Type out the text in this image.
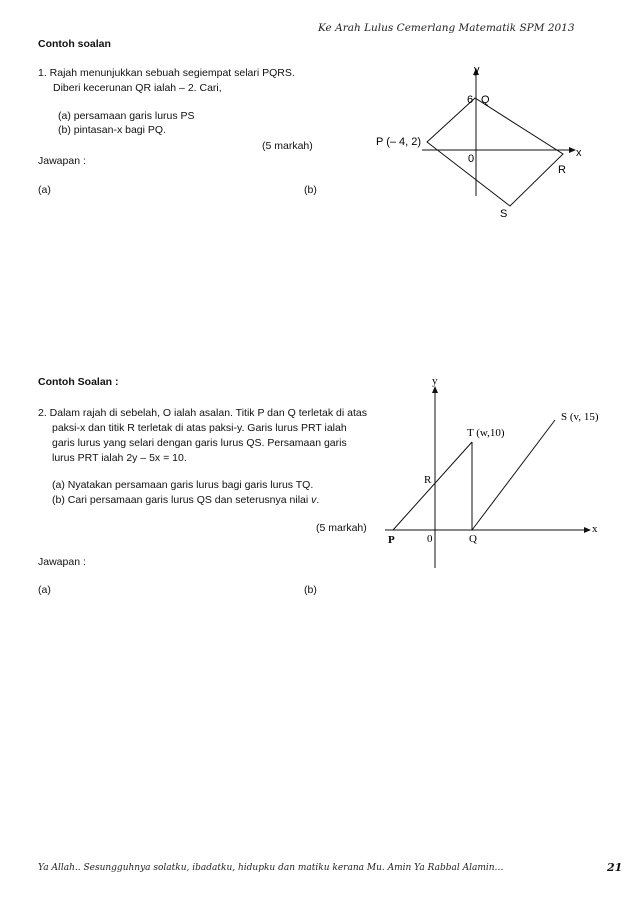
Ke Arah Lulus Cemerlang Matematik SPM 2013
Contoh soalan
1. Rajah menunjukkan sebuah segiempat selari PQRS.
Diberi kecerunan QR ialah – 2. Cari,
(a) persamaan garis lurus PS
(b) pintasan-x bagi PQ.
(5 markah)
Jawapan :
(a)	(b)
y
x
P (– 4, 2)
6 Q
R
S
0
Contoh Soalan :
2. Dalam rajah di sebelah, O ialah asalan. Titik P dan Q terletak di atas
paksi-x dan titik R terletak di atas paksi-y. Garis lurus PRT ialah
garis lurus yang selari dengan garis lurus QS. Persamaan garis
lurus PRT ialah 2y – 5x = 10.
(a) Nyatakan persamaan garis lurus bagi garis lurus TQ.
(b) Cari persamaan garis lurus QS dan seterusnya nilai v.
(5 markah)
Jawapan :
(a)	(b)
y
x
T (w,10)
S (v, 15)
R
P	0	Q
Ya Allah.. Sesungguhnya solatku, ibadatku, hidupku dan matiku kerana Mu. Amin Ya Rabbal Alamin…	21
